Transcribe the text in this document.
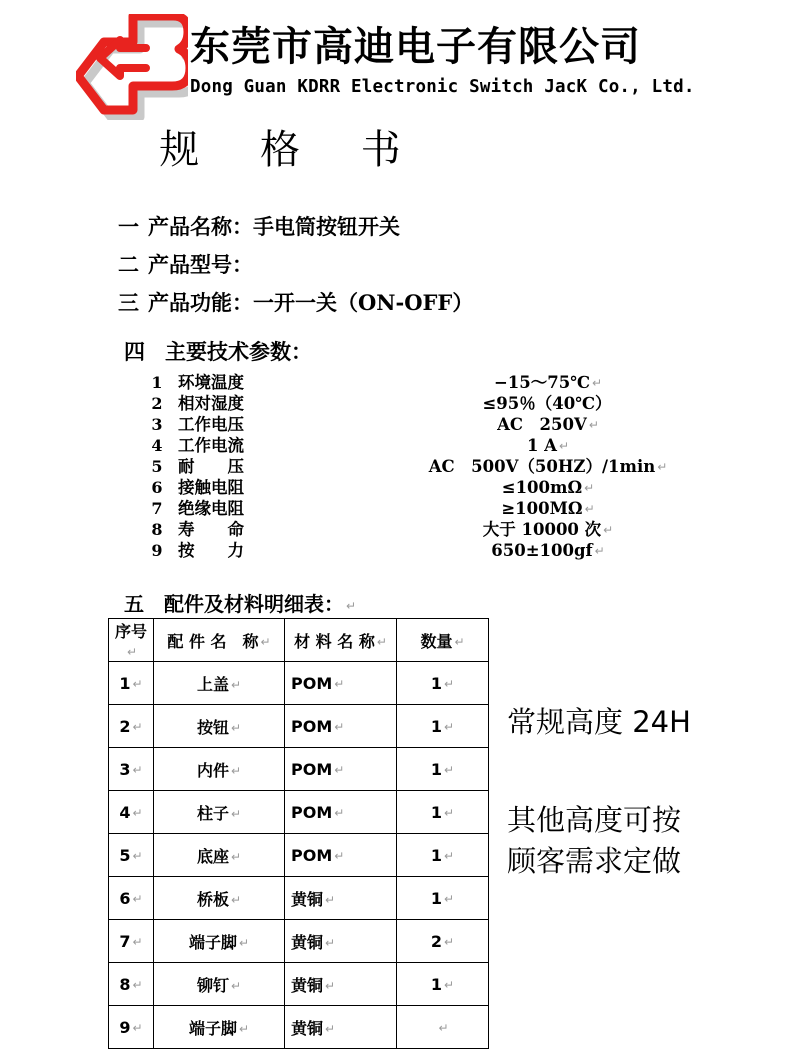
东莞市高迪电子有限公司
Dong Guan KDRR Electronic Switch JacK Co., Ltd.
规 格 书
一 产品名称：手电筒按钮开关
二 产品型号：
三 产品功能：一开一关（ON-OFF）
四 主要技术参数：
1 环境温度	−15～75℃ ↵
2 相对湿度	≤95％（40℃）
3 工作电压	AC　250V ↵
4 工作电流	1 A ↵
5 耐　　压	AC　500V（50HZ）/1min ↵
6 接触电阻	≤100mΩ ↵
7 绝缘电阻	≥100MΩ ↵
8 寿　　命	大于 10000 次 ↵
9 按　　力	650±100gf ↵
五 配件及材料明细表： ↵
序号↵	配 件 名　称 ↵	材 料 名 称 ↵	数量 ↵
1 ↵	上盖 ↵	POM ↵	1 ↵
2 ↵	按钮 ↵	POM ↵	1 ↵
3 ↵	内件 ↵	POM ↵	1 ↵
4 ↵	柱子 ↵	POM ↵	1 ↵
5 ↵	底座 ↵	POM ↵	1 ↵
6 ↵	桥板 ↵	黄铜 ↵	1 ↵
7 ↵	端子脚 ↵	黄铜 ↵	2 ↵
8 ↵	铆钉 ↵	黄铜 ↵	1 ↵
9 ↵	端子脚 ↵	黄铜 ↵	↵
常规高度 24H
其他高度可按
顾客需求定做
